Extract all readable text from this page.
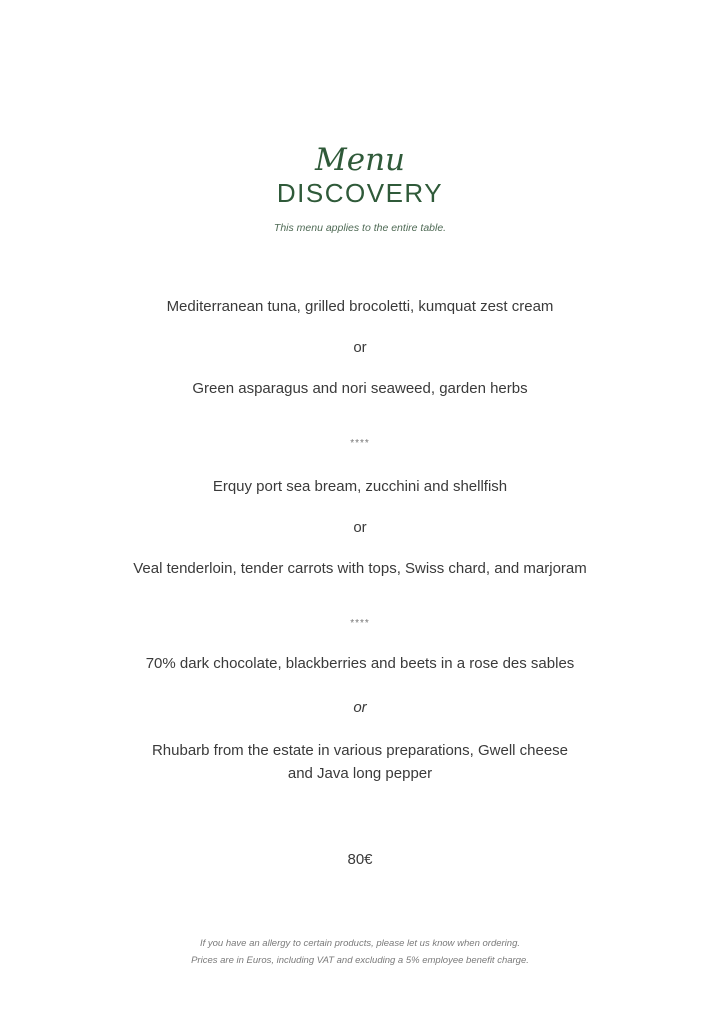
Menu
DISCOVERY
This menu applies to the entire table.
Mediterranean tuna, grilled brocoletti, kumquat zest cream
or
Green asparagus and nori seaweed, garden herbs
****
Erquy port sea bream, zucchini and shellfish
or
Veal tenderloin, tender carrots with tops, Swiss chard, and marjoram
****
70% dark chocolate, blackberries and beets in a rose des sables
or
Rhubarb from the estate in various preparations, Gwell cheese
and Java long pepper
80€
If you have an allergy to certain products, please let us know when ordering.
Prices are in Euros, including VAT and excluding a 5% employee benefit charge.
